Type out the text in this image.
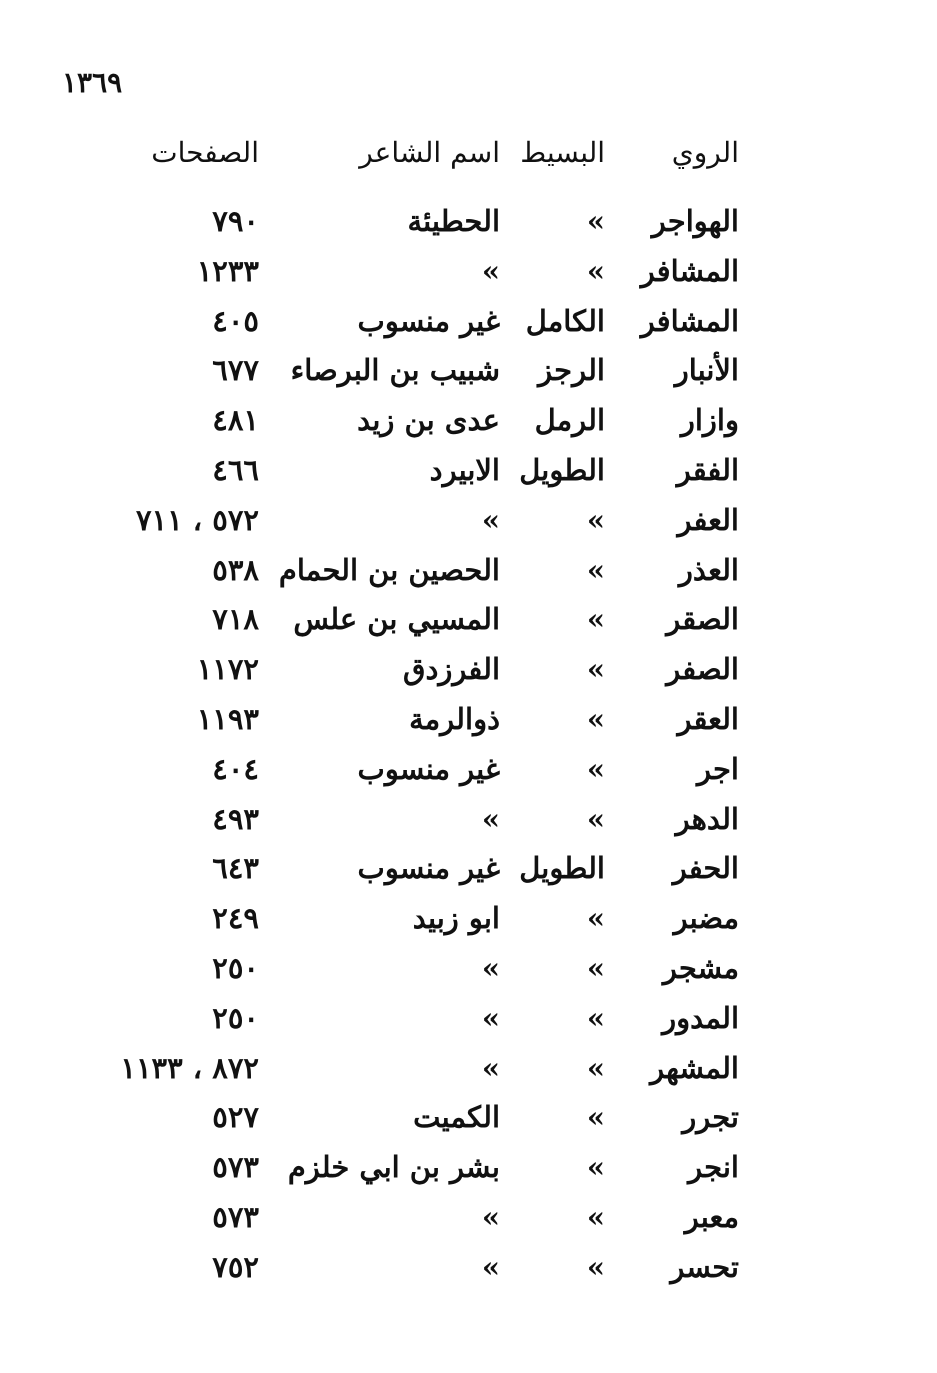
١٣٦٩
الروي
البسيط
اسم الشاعر
الصفحات
الهواجر
»
الحطيئة
٧٩٠
المشافر
»
»
١٢٣٣
المشافر
الكامل
غير منسوب
٤٠٥
الأنبار
الرجز
شبيب بن البرصاء
٦٧٧
وازار
الرمل
عدى بن زيد
٤٨١
الفقر
الطويل
الابيرد
٤٦٦
العفر
»
»
٥٧٢ ، ٧١١
العذر
»
الحصين بن الحمام
٥٣٨
الصقر
»
المسيي بن علس
٧١٨
الصفر
»
الفرزدق
١١٧٢
العقر
»
ذوالرمة
١١٩٣
اجر
»
غير منسوب
٤٠٤
الدهر
»
»
٤٩٣
الحفر
الطويل
غير منسوب
٦٤٣
مضبر
»
ابو زبيد
٢٤٩
مشجر
»
»
٢٥٠
المدور
»
»
٢٥٠
المشهر
»
»
٨٧٢ ، ١١٣٣
تجرر
»
الكميت
٥٢٧
انجر
»
بشر بن ابي خلزم
٥٧٣
معبر
»
»
٥٧٣
تحسر
»
»
٧٥٢
